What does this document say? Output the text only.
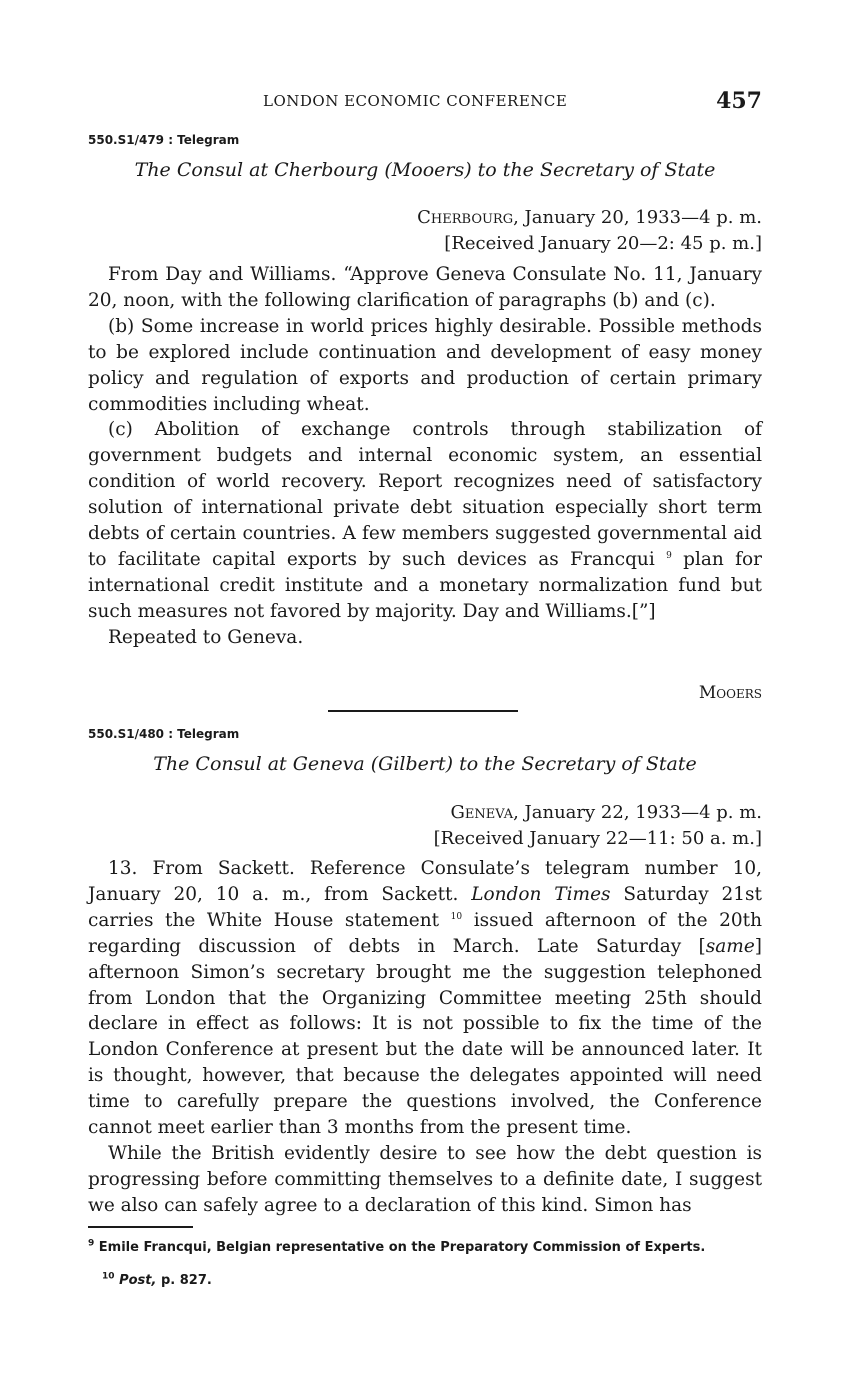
LONDON ECONOMIC CONFERENCE	457
550.S1/479 : Telegram
The Consul at Cherbourg (Mooers) to the Secretary of State
Cherbourg, January 20, 1933—4 p. m.
[Received January 20—2: 45 p. m.]

From Day and Williams. “Approve Geneva Consulate No. 11, January 20, noon, with the following clarification of paragraphs (b) and (c).

(b) Some increase in world prices highly desirable. Possible methods to be explored include continuation and development of easy money policy and regulation of exports and production of certain primary commodities including wheat.

(c) Abolition of exchange controls through stabilization of government budgets and internal economic system, an essential condition of world recovery. Report recognizes need of satisfactory solution of international private debt situation especially short term debts of certain countries. A few members suggested governmental aid to facilitate capital exports by such devices as Francqui $^9$ plan for international credit institute and a monetary normalization fund but such measures not favored by majority. Day and Williams.[”]

Repeated to Geneva.

Mooers
550.S1/480 : Telegram
The Consul at Geneva (Gilbert) to the Secretary of State
Geneva, January 22, 1933—4 p. m.
[Received January 22—11: 50 a. m.]

13. From Sackett. Reference Consulate’s telegram number 10, January 20, 10 a. m., from Sackett. London Times Saturday 21st carries the White House statement $^{10}$ issued afternoon of the 20th regarding discussion of debts in March. Late Saturday [same] afternoon Simon’s secretary brought me the suggestion telephoned from London that the Organizing Committee meeting 25th should declare in effect as follows: It is not possible to fix the time of the London Conference at present but the date will be announced later. It is thought, however, that because the delegates appointed will need time to carefully prepare the questions involved, the Conference cannot meet earlier than 3 months from the present time.

While the British evidently desire to see how the debt question is progressing before committing themselves to a definite date, I suggest we also can safely agree to a declaration of this kind. Simon has

$^9$ Emile Francqui, Belgian representative on the Preparatory Commission of Experts.
$^{10}$ Post, p. 827.
